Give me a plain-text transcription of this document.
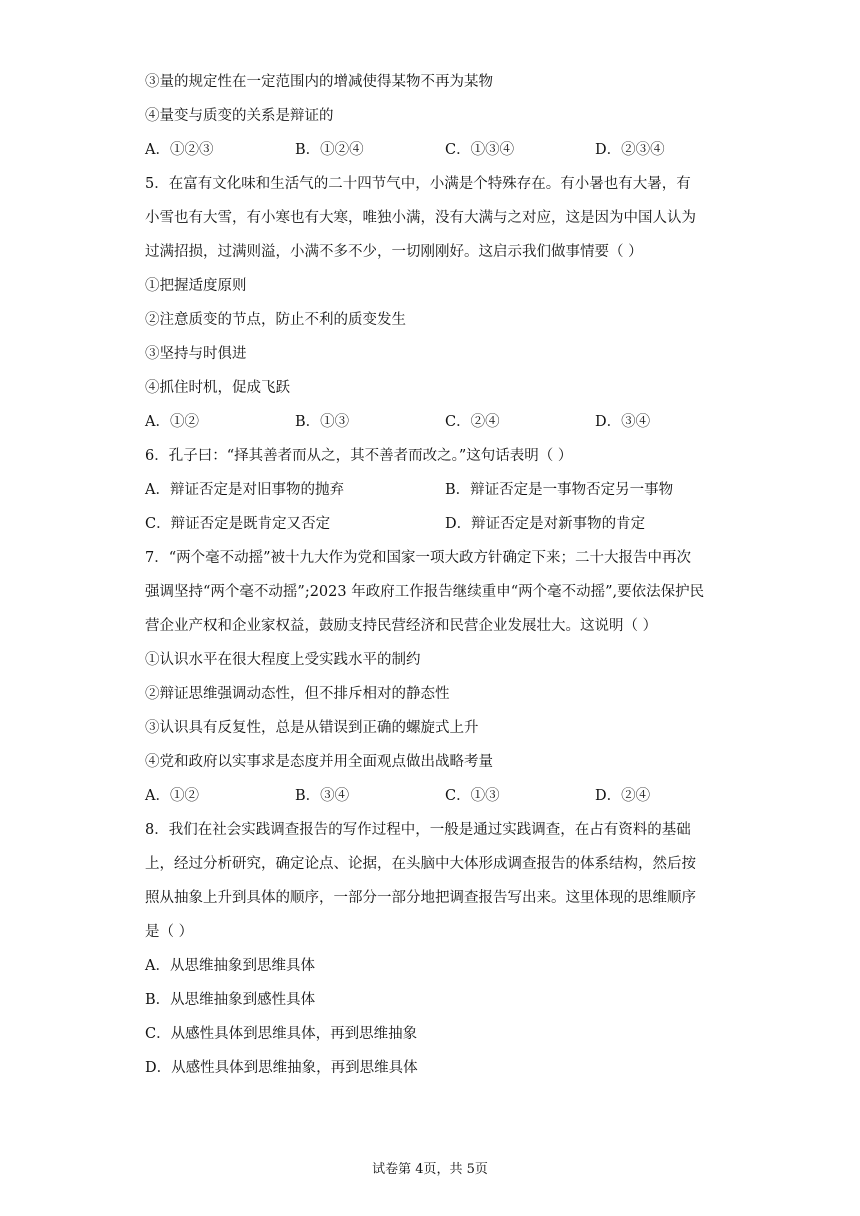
③量的规定性在一定范围内的增减使得某物不再为某物
④量变与质变的关系是辩证的
A．①②③	B．①②④	C．①③④	D．②③④
5．在富有文化味和生活气的二十四节气中，小满是个特殊存在。有小暑也有大暑，有
小雪也有大雪，有小寒也有大寒，唯独小满，没有大满与之对应，这是因为中国人认为
过满招损，过满则溢，小满不多不少，一切刚刚好。这启示我们做事情要（ ）
①把握适度原则
②注意质变的节点，防止不利的质变发生
③坚持与时俱进
④抓住时机，促成飞跃
A．①②	B．①③	C．②④	D．③④
6．孔子曰：“择其善者而从之，其不善者而改之。”这句话表明（ ）
A．辩证否定是对旧事物的抛弃	B．辩证否定是一事物否定另一事物
C．辩证否定是既肯定又否定	D．辩证否定是对新事物的肯定
7．“两个毫不动摇”被十九大作为党和国家一项大政方针确定下来；二十大报告中再次
强调坚持“两个毫不动摇”;2023 年政府工作报告继续重申“两个毫不动摇”,要依法保护民
营企业产权和企业家权益，鼓励支持民营经济和民营企业发展壮大。这说明（ ）
①认识水平在很大程度上受实践水平的制约
②辩证思维强调动态性，但不排斥相对的静态性
③认识具有反复性，总是从错误到正确的螺旋式上升
④党和政府以实事求是态度并用全面观点做出战略考量
A．①②	B．③④	C．①③	D．②④
8．我们在社会实践调查报告的写作过程中，一般是通过实践调查，在占有资料的基础
上，经过分析研究，确定论点、论据，在头脑中大体形成调查报告的体系结构，然后按
照从抽象上升到具体的顺序，一部分一部分地把调查报告写出来。这里体现的思维顺序
是（ ）
A．从思维抽象到思维具体
B．从思维抽象到感性具体
C．从感性具体到思维具体，再到思维抽象
D．从感性具体到思维抽象，再到思维具体
试卷第 4页，共 5页
